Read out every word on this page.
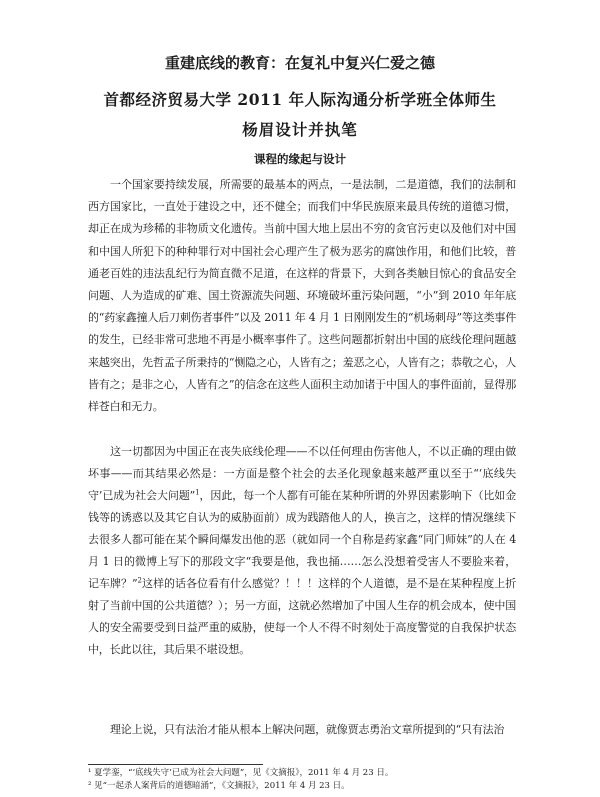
重建底线的教育：在复礼中复兴仁爱之德
首都经济贸易大学 2011 年人际沟通分析学班全体师生
杨眉设计并执笔
课程的缘起与设计

一个国家要持续发展，所需要的最基本的两点，一是法制，二是道德，我们的法制和西方国家比，一直处于建设之中，还不健全；而我们中华民族原来最具传统的道德习惯，却正在成为珍稀的非物质文化遗传。当前中国大地上层出不穷的贪官污吏以及他们对中国和中国人所犯下的种种罪行对中国社会心理产生了极为恶劣的腐蚀作用，和他们比较，普通老百姓的违法乱纪行为简直微不足道，在这样的背景下，大到各类触目惊心的食品安全问题、人为造成的矿难、国土资源流失问题、环境破坏重污染问题，“小”到 2010 年年底的“药家鑫撞人后刀刺伤者事件”以及 2011 年 4 月 1 日刚刚发生的“机场刺母”等这类事件的发生，已经非常可悲地不再是小概率事件了。这些问题都折射出中国的底线伦理问题越来越突出，先哲孟子所秉持的“恻隐之心，人皆有之；羞恶之心，人皆有之；恭敬之心，人皆有之；是非之心，人皆有之”的信念在这些人面积主动加诸于中国人的事件面前，显得那样苍白和无力。

这一切都因为中国正在丧失底线伦理——不以任何理由伤害他人，不以正确的理由做坏事——而其结果必然是：一方面是整个社会的去圣化现象越来越严重以至于“‘底线失守’已成为社会大问题”$^1$，因此，每一个人都有可能在某种所谓的外界因素影响下（比如金钱等的诱惑以及其它自认为的威胁面前）成为践踏他人的人，换言之，这样的情况继续下去很多人都可能在某个瞬间爆发出他的恶（就如同一个自称是药家鑫“同门师妹”的人在 4 月 1 日的微博上写下的那段文字“我要是他，我也捅……怎么没想着受害人不要脸来着，记车牌？”$^2$这样的话各位看有什么感觉？！！！这样的个人道德，是不是在某种程度上折射了当前中国的公共道德？）；另一方面，这就必然增加了中国人生存的机会成本，使中国人的安全需要受到日益严重的威胁，使每一个人不得不时刻处于高度警觉的自我保护状态中，长此以往，其后果不堪设想。

理论上说，只有法治才能从根本上解决问题，就像贾志勇治文章所提到的“只有法治

¹ 夏学銮，“‘底线失守’已成为社会大问题”，见《文摘报》，2011 年 4 月 23 日。
² 见“一起杀人案背后的道德暗涌”，《文摘报》，2011 年 4 月 23 日。
